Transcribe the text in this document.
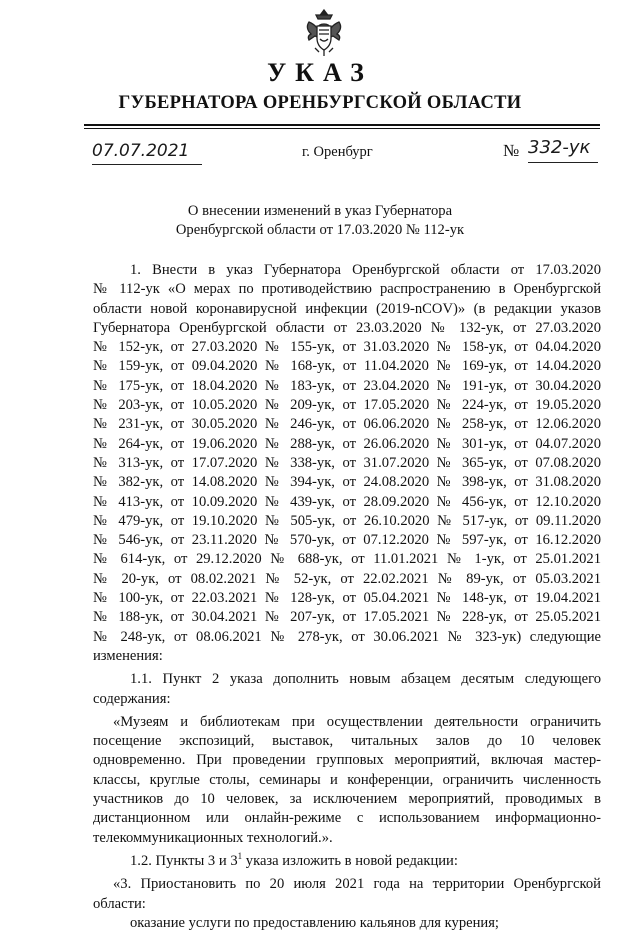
УКАЗ
ГУБЕРНАТОРА ОРЕНБУРГСКОЙ ОБЛАСТИ
07.07.2021	г. Оренбург	№ 332-ук
О внесении изменений в указ Губернатора
Оренбургской области от 17.03.2020 № 112-ук
1. Внести в указ Губернатора Оренбургской области от 17.03.2020
№ 112-ук «О мерах по противодействию распространению в Оренбургской
области новой коронавирусной инфекции (2019-nCOV)» (в редакции указов
Губернатора Оренбургской области от 23.03.2020 № 132-ук, от 27.03.2020
№ 152-ук, от 27.03.2020 № 155-ук, от 31.03.2020 № 158-ук, от 04.04.2020
№ 159-ук, от 09.04.2020 № 168-ук, от 11.04.2020 № 169-ук, от 14.04.2020
№ 175-ук, от 18.04.2020 № 183-ук, от 23.04.2020 № 191-ук, от 30.04.2020
№ 203-ук, от 10.05.2020 № 209-ук, от 17.05.2020 № 224-ук, от 19.05.2020
№ 231-ук, от 30.05.2020 № 246-ук, от 06.06.2020 № 258-ук, от 12.06.2020
№ 264-ук, от 19.06.2020 № 288-ук, от 26.06.2020 № 301-ук, от 04.07.2020
№ 313-ук, от 17.07.2020 № 338-ук, от 31.07.2020 № 365-ук, от 07.08.2020
№ 382-ук, от 14.08.2020 № 394-ук, от 24.08.2020 № 398-ук, от 31.08.2020
№ 413-ук, от 10.09.2020 № 439-ук, от 28.09.2020 № 456-ук, от 12.10.2020
№ 479-ук, от 19.10.2020 № 505-ук, от 26.10.2020 № 517-ук, от 09.11.2020
№ 546-ук, от 23.11.2020 № 570-ук, от 07.12.2020 № 597-ук, от 16.12.2020
№ 614-ук, от 29.12.2020 № 688-ук, от 11.01.2021 № 1-ук, от 25.01.2021
№ 20-ук, от 08.02.2021 № 52-ук, от 22.02.2021 № 89-ук, от 05.03.2021
№ 100-ук, от 22.03.2021 № 128-ук, от 05.04.2021 № 148-ук, от 19.04.2021
№ 188-ук, от 30.04.2021 № 207-ук, от 17.05.2021 № 228-ук, от 25.05.2021
№ 248-ук, от 08.06.2021 № 278-ук, от 30.06.2021 № 323-ук) следующие
изменения:
1.1. Пункт 2 указа дополнить новым абзацем десятым следующего
содержания:
«Музеям и библиотекам при осуществлении деятельности ограничить
посещение экспозиций, выставок, читальных залов до 10 человек
одновременно. При проведении групповых мероприятий, включая мастер-
классы, круглые столы, семинары и конференции, ограничить численность
участников до 10 человек, за исключением мероприятий, проводимых в
дистанционном или онлайн-режиме с использованием информационно-
телекоммуникационных технологий.».
1.2. Пункты 3 и $3^1$ указа изложить в новой редакции:
«3. Приостановить по 20 июля 2021 года на территории Оренбургской
области:
оказание услуги по предоставлению кальянов для курения;
